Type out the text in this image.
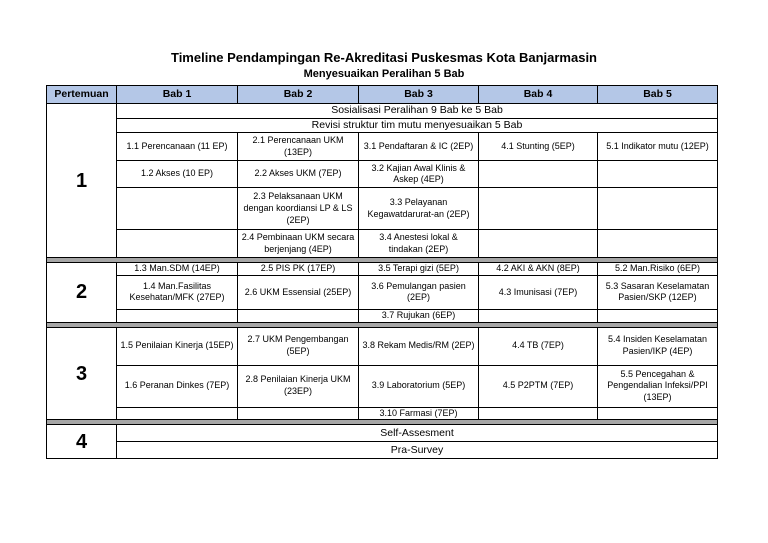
Timeline Pendampingan Re-Akreditasi Puskesmas Kota Banjarmasin
Menyesuaikan Peralihan 5 Bab
Pertemuan	Bab 1	Bab 2	Bab 3	Bab 4	Bab 5
1	Sosialisasi Peralihan 9 Bab ke 5 Bab				
	Revisi struktur tim mutu menyesuaikan 5 Bab				
	1.1 Perencanaan (11 EP)	2.1 Perencanaan UKM (13EP)	3.1 Pendaftaran & IC (2EP)	4.1 Stunting (5EP)	5.1 Indikator mutu (12EP)
	1.2 Akses (10 EP)	2.2 Akses UKM (7EP)	3.2 Kajian Awal Klinis & Askep (4EP)		
		2.3 Pelaksanaan UKM dengan koordiansi LP & LS (2EP)	3.3 Pelayanan Kegawatdarurat-an (2EP)		
		2.4 Pembinaan UKM secara berjenjang (4EP)	3.4 Anestesi lokal & tindakan (2EP)		

2	1.3 Man.SDM (14EP)	2.5 PIS PK (17EP)	3.5 Terapi gizi (5EP)	4.2 AKI & AKN (8EP)	5.2 Man.Risiko (6EP)
	1.4 Man.Fasilitas Kesehatan/MFK (27EP)	2.6 UKM Essensial (25EP)	3.6 Pemulangan pasien (2EP)	4.3 Imunisasi (7EP)	5.3 Sasaran Keselamatan Pasien/SKP (12EP)
			3.7 Rujukan (6EP)		

3	1.5 Penilaian Kinerja (15EP)	2.7 UKM Pengembangan (5EP)	3.8 Rekam Medis/RM (2EP)	4.4 TB (7EP)	5.4 Insiden Keselamatan Pasien/IKP (4EP)
	1.6 Peranan Dinkes (7EP)	2.8 Penilaian Kinerja UKM (23EP)	3.9 Laboratorium (5EP)	4.5 P2PTM (7EP)	5.5 Pencegahan & Pengendalian Infeksi/PPI (13EP)
			3.10 Farmasi (7EP)		

4	Self-Assesment				
	Pra-Survey				
